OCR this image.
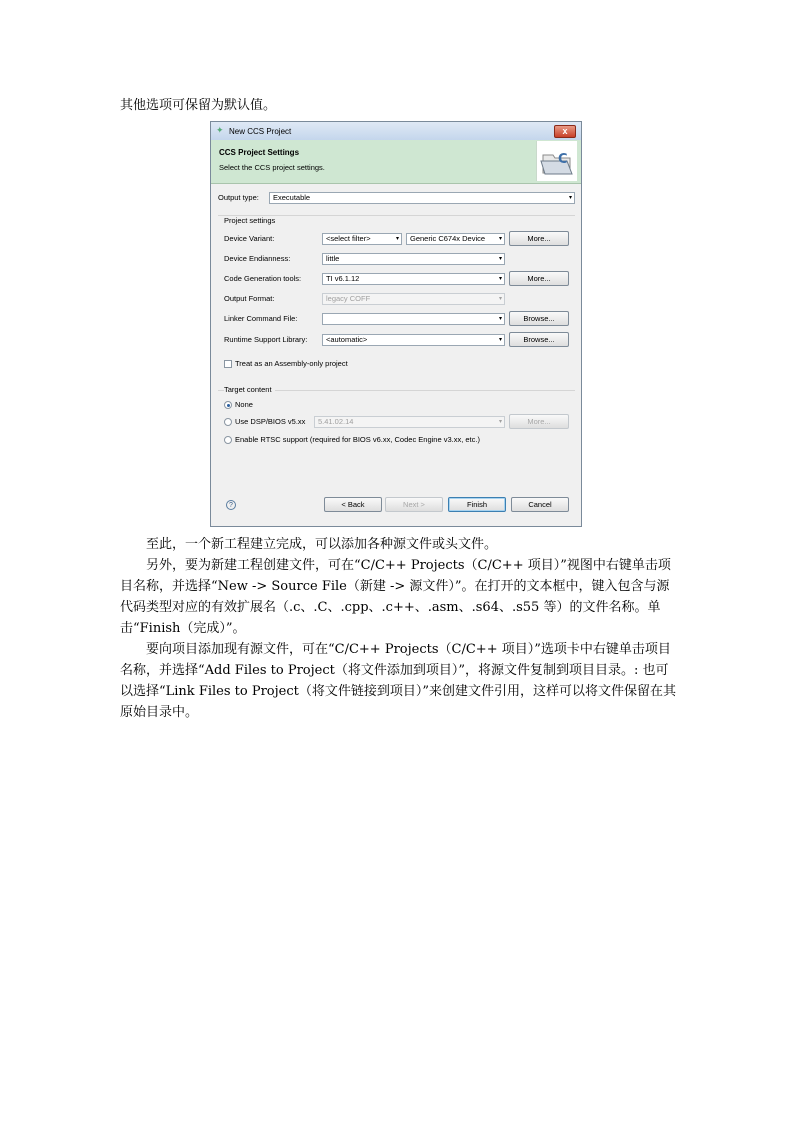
其他选项可保留为默认值。

✦ New CCS Project	x
CCS Project Settings
Select the CCS project settings.
C
Output type:	Executable	▾
Project settings
Device Variant:	<select filter>	▾	Generic C674x Device ▾	More...
Device Endianness:	little	▾
Code Generation tools:	TI v6.1.12	▾	More...
Output Format:	legacy COFF	▾
Linker Command File:	▾	Browse...
Runtime Support Library:	<automatic>	▾	Browse...
Treat as an Assembly-only project
Target content
None
Use DSP/BIOS v5.xx	5.41.02.14	▾	More...
Enable RTSC support (required for BIOS v6.xx, Codec Engine v3.xx, etc.)
?	< Back	Next >	Finish	Cancel

至此，一个新工程建立完成，可以添加各种源文件或头文件。

另外，要为新建工程创建文件，可在“C/C++ Projects（C/C++ 项目）”视图中右键单击项目名称，并选择“New -> Source File（新建 -> 源文件）”。在打开的文本框中，键入包含与源代码类型对应的有效扩展名（.c、.C、.cpp、.c++、.asm、.s64、.s55 等）的文件名称。单击“Finish（完成）”。

要向项目添加现有源文件，可在“C/C++ Projects（C/C++ 项目）”选项卡中右键单击项目名称，并选择“Add Files to Project（将文件添加到项目）”，将源文件复制到项目目录。: 也可以选择“Link Files to Project（将文件链接到项目）”来创建文件引用，这样可以将文件保留在其原始目录中。
